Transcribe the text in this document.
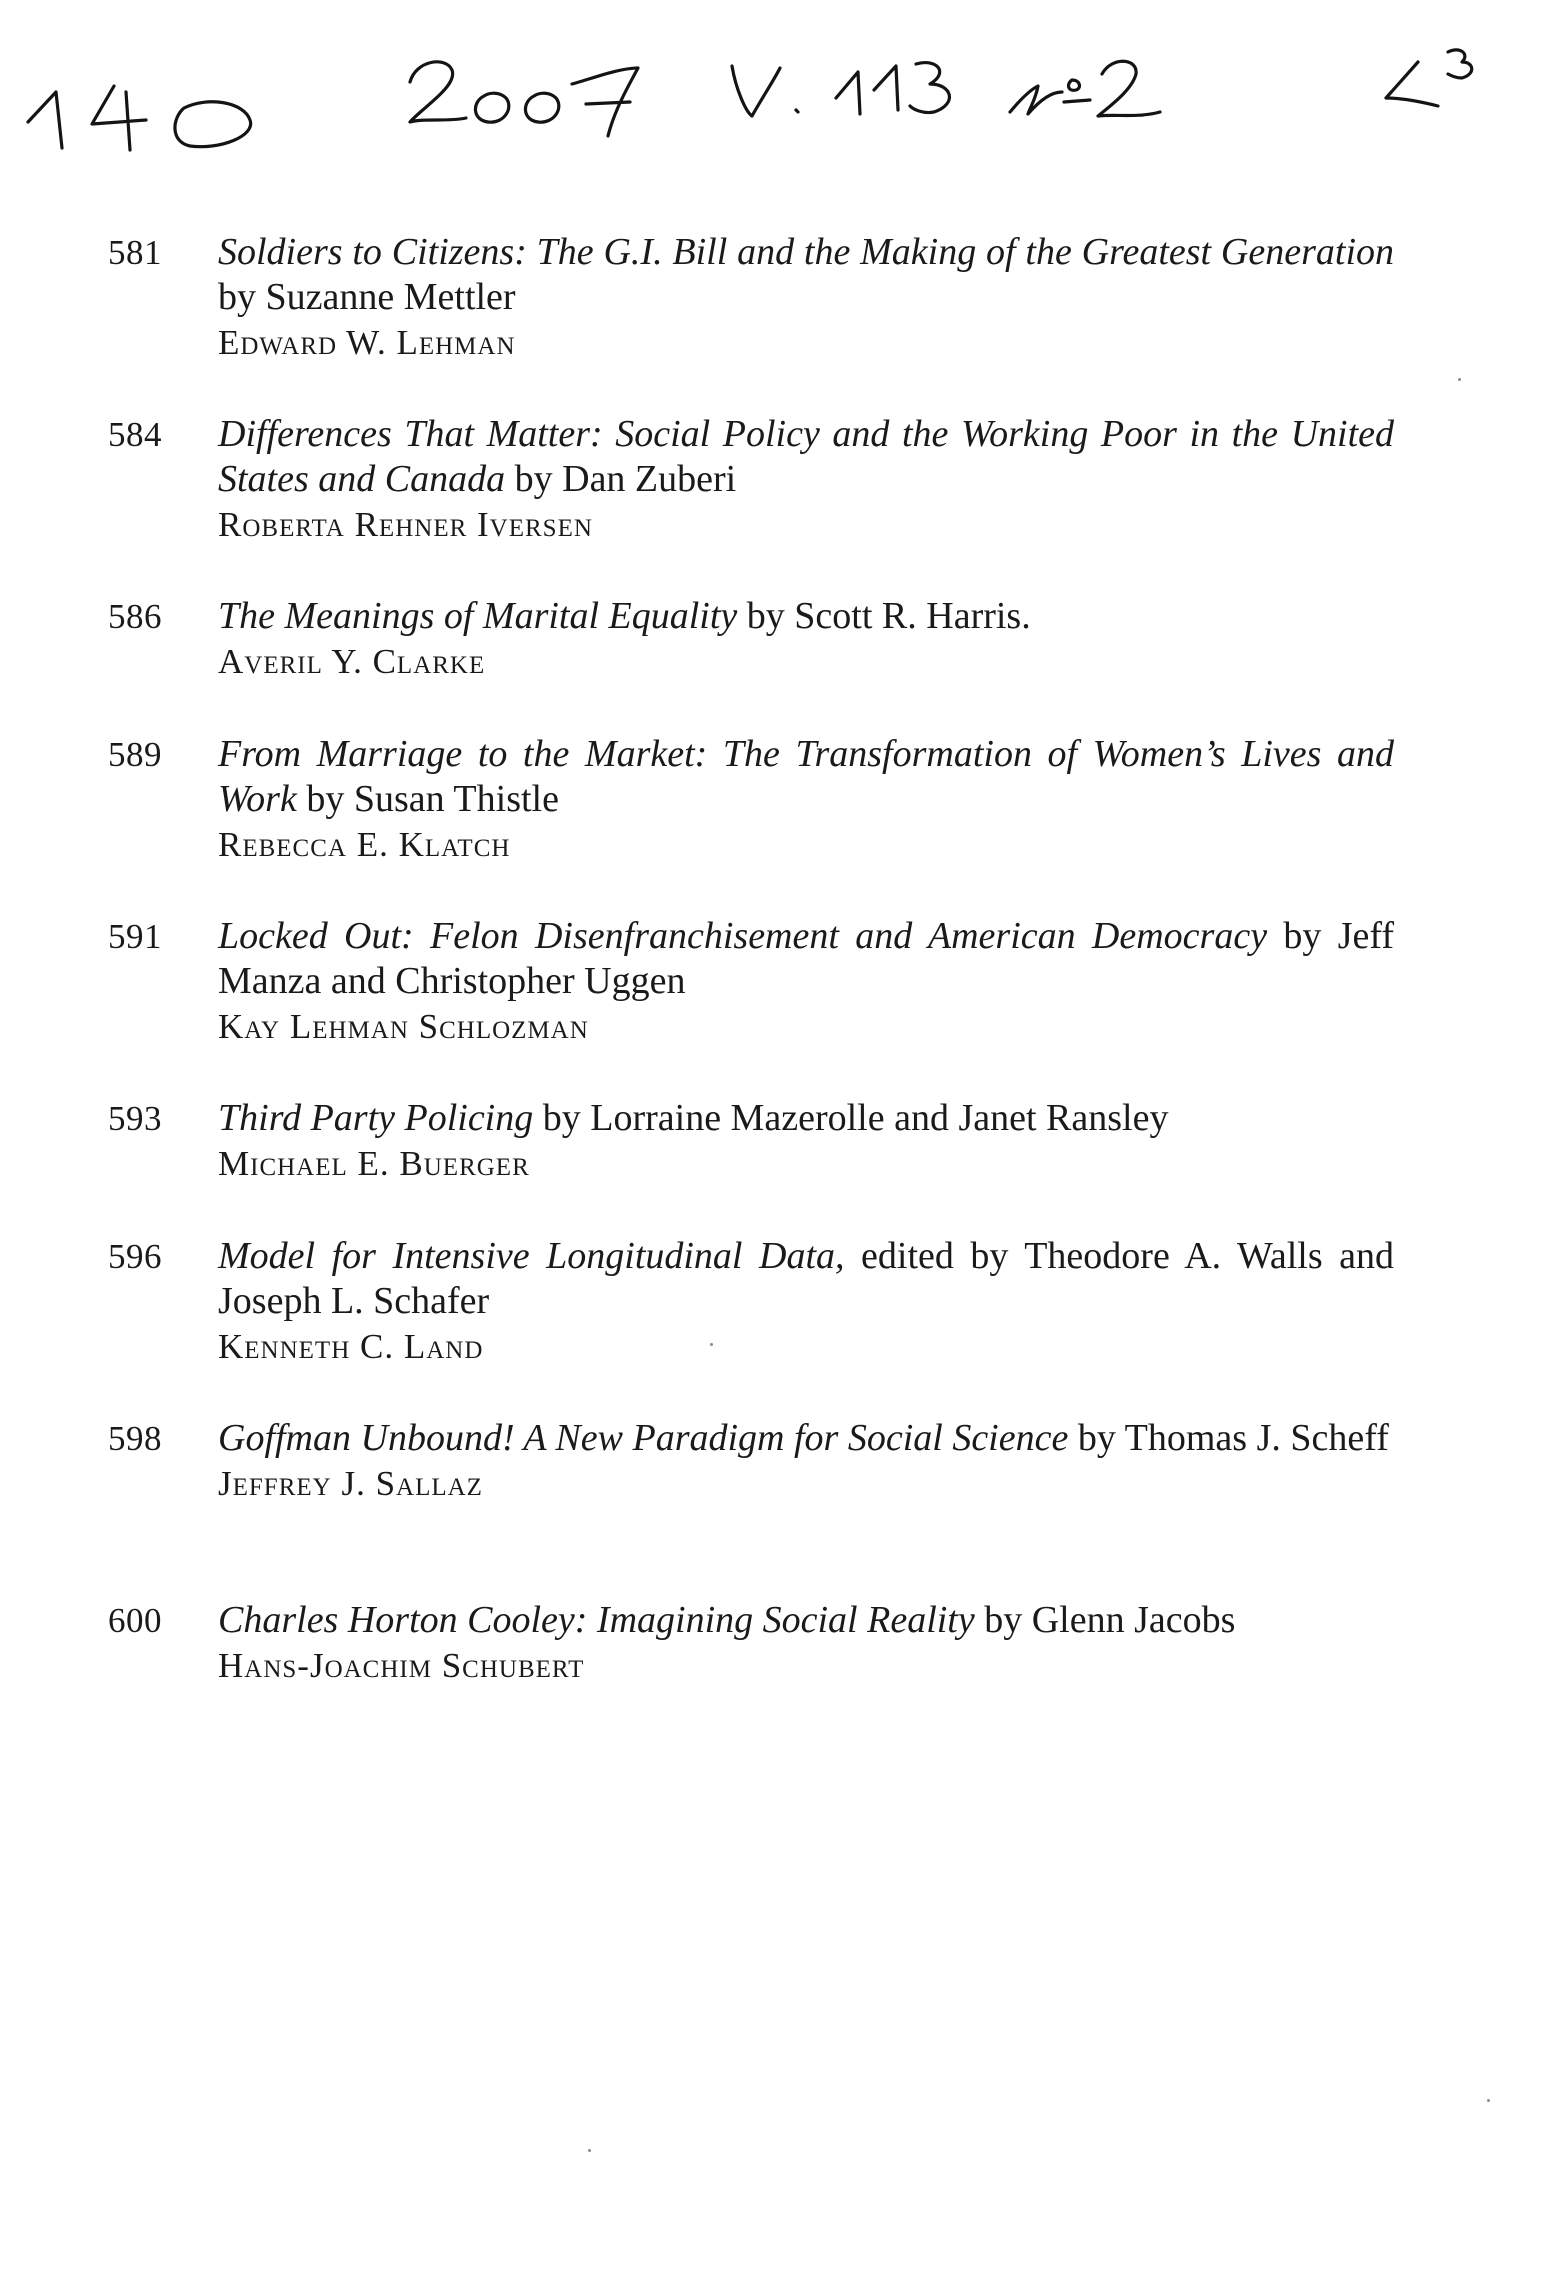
581 Soldiers to Citizens: The G.I. Bill and the Making of the Greatest Generation by Suzanne Mettler
Edward W. Lehman
584 Differences That Matter: Social Policy and the Working Poor in the United States and Canada by Dan Zuberi
Roberta Rehner Iversen
586 The Meanings of Marital Equality by Scott R. Harris.
Averil Y. Clarke
589 From Marriage to the Market: The Transformation of Women’s Lives and Work by Susan Thistle
Rebecca E. Klatch
591 Locked Out: Felon Disenfranchisement and American Democracy by Jeff Manza and Christopher Uggen
Kay Lehman Schlozman
593 Third Party Policing by Lorraine Mazerolle and Janet Ransley
Michael E. Buerger
596 Model for Intensive Longitudinal Data, edited by Theodore A. Walls and Joseph L. Schafer
Kenneth C. Land
598 Goffman Unbound! A New Paradigm for Social Science by Thomas J. Scheff
Jeffrey J. Sallaz
600 Charles Horton Cooley: Imagining Social Reality by Glenn Jacobs
Hans-Joachim Schubert
